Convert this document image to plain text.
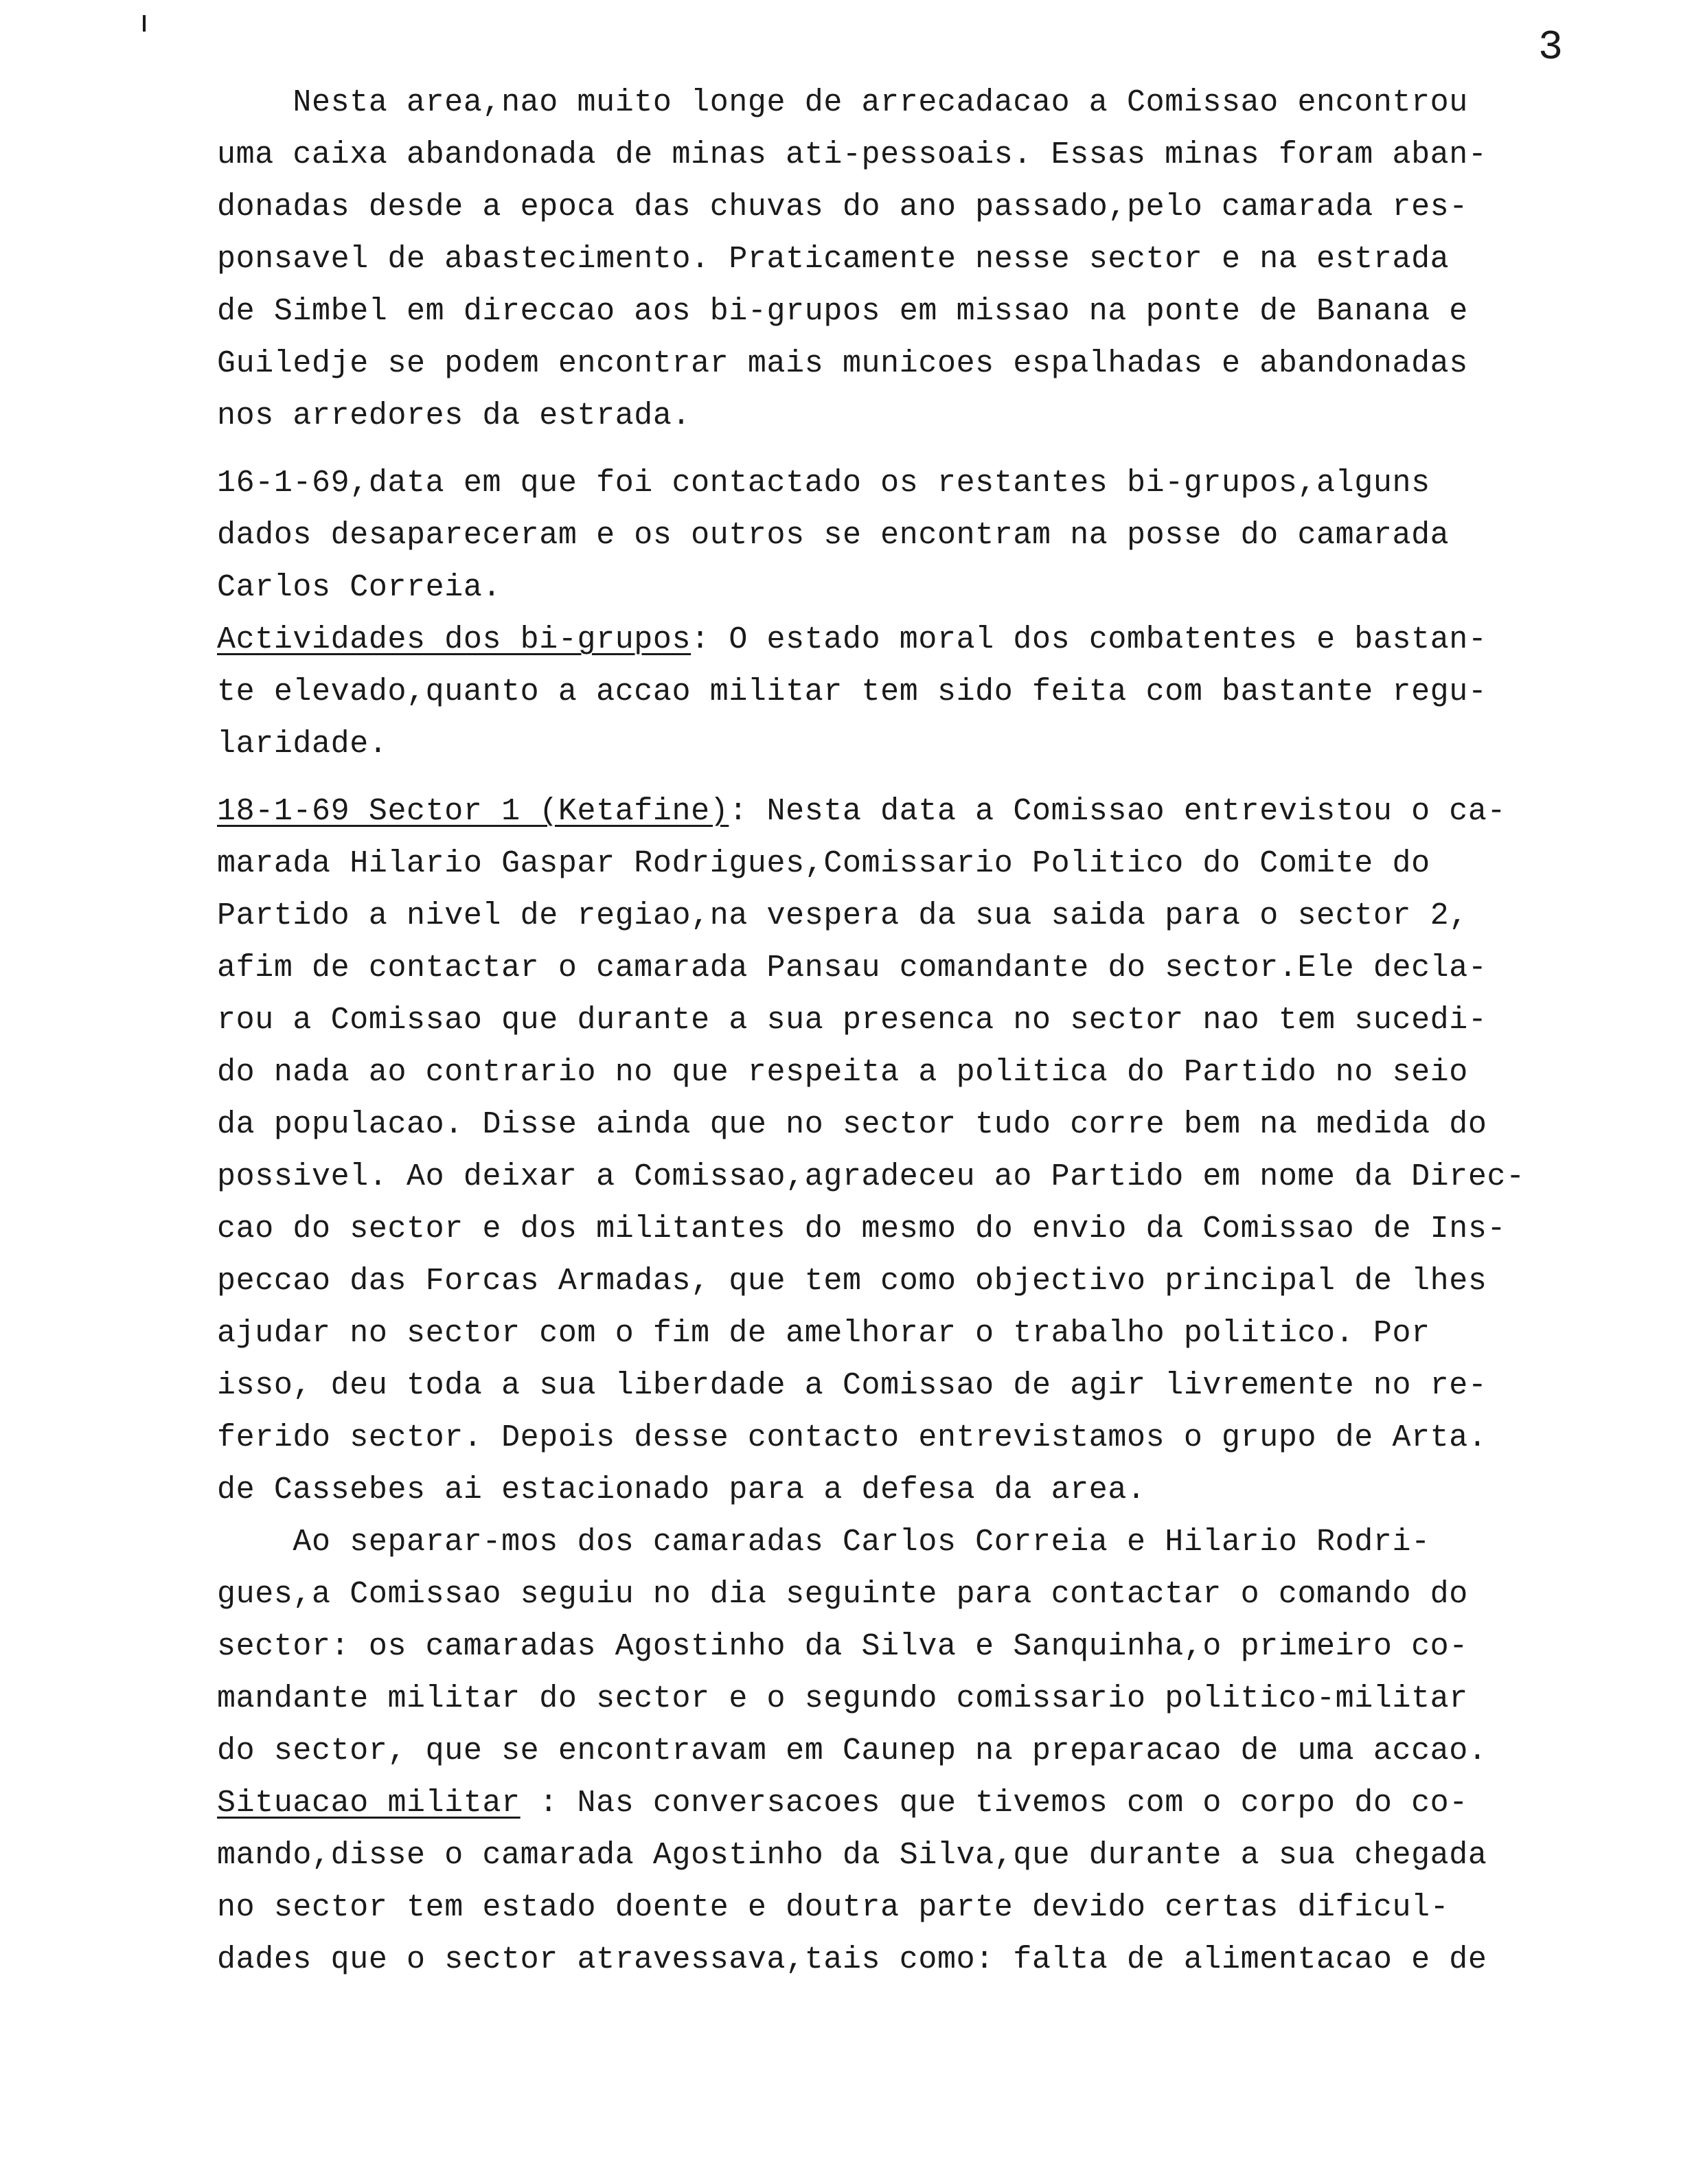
3
Nesta area,nao muito longe de arrecadacao a Comissao encontrou
uma caixa abandonada de minas ati-pessoais. Essas minas foram aban-
donadas desde a epoca das chuvas do ano passado,pelo camarada res-
ponsavel de abastecimento. Praticamente nesse sector e na estrada
de Simbel em direccao aos bi-grupos em missao na ponte de Banana e
Guiledje se podem encontrar mais municoes espalhadas e abandonadas
nos arredores da estrada.
16-1-69,data em que foi contactado os restantes bi-grupos,alguns
dados desapareceram e os outros se encontram na posse do camarada
Carlos Correia.
Actividades dos bi-grupos: O estado moral dos combatentes e bastan-
te elevado,quanto a accao militar tem sido feita com bastante regu-
laridade.
18-1-69 Sector 1 (Ketafine): Nesta data a Comissao entrevistou o ca-
marada Hilario Gaspar Rodrigues,Comissario Politico do Comite do
Partido a nivel de regiao,na vespera da sua saida para o sector 2,
afim de contactar o camarada Pansau comandante do sector.Ele decla-
rou a Comissao que durante a sua presenca no sector nao tem sucedi-
do nada ao contrario no que respeita a politica do Partido no seio
da populacao. Disse ainda que no sector tudo corre bem na medida do
possivel. Ao deixar a Comissao,agradeceu ao Partido em nome da Direc-
cao do sector e dos militantes do mesmo do envio da Comissao de Ins-
peccao das Forcas Armadas, que tem como objectivo principal de lhes
ajudar no sector com o fim de amelhorar o trabalho politico. Por
isso, deu toda a sua liberdade a Comissao de agir livremente no re-
ferido sector. Depois desse contacto entrevistamos o grupo de Arta.
de Cassebes ai estacionado para a defesa da area.
Ao separar-mos dos camaradas Carlos Correia e Hilario Rodri-
gues,a Comissao seguiu no dia seguinte para contactar o comando do
sector: os camaradas Agostinho da Silva e Sanquinha,o primeiro co-
mandante militar do sector e o segundo comissario politico-militar
do sector, que se encontravam em Caunep na preparacao de uma accao.
Situacao militar : Nas conversacoes que tivemos com o corpo do co-
mando,disse o camarada Agostinho da Silva,que durante a sua chegada
no sector tem estado doente e doutra parte devido certas dificul-
dades que o sector atravessava,tais como: falta de alimentacao e de
